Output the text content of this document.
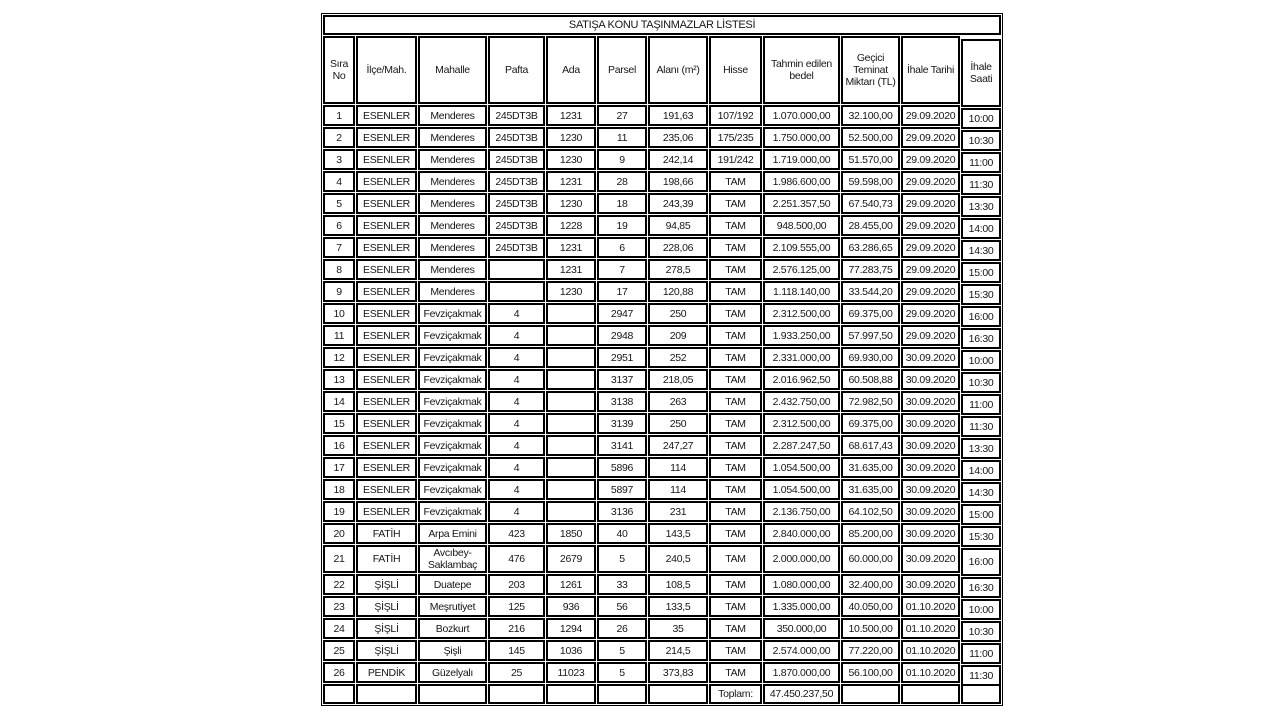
SATIŞA KONU TAŞINMAZLAR LİSTESİ											
Sıra No	İlçe/Mah.	Mahalle	Pafta	Ada	Parsel	Alanı (m²)	Hisse	Tahmin edilen bedel	Geçici Teminat Miktarı (TL)	İhale Tarihi	İhale Saati
1	ESENLER	Menderes	245DT3B	1231	27	191,63	107/192	1.070.000,00	32.100,00	29.09.2020	10:00
2	ESENLER	Menderes	245DT3B	1230	11	235,06	175/235	1.750.000,00	52.500,00	29.09.2020	10:30
3	ESENLER	Menderes	245DT3B	1230	9	242,14	191/242	1.719.000,00	51.570,00	29.09.2020	11:00
4	ESENLER	Menderes	245DT3B	1231	28	198,66	TAM	1.986.600,00	59.598,00	29.09.2020	11:30
5	ESENLER	Menderes	245DT3B	1230	18	243,39	TAM	2.251.357,50	67.540,73	29.09.2020	13:30
6	ESENLER	Menderes	245DT3B	1228	19	94,85	TAM	948.500,00	28.455,00	29.09.2020	14:00
7	ESENLER	Menderes	245DT3B	1231	6	228,06	TAM	2.109.555,00	63.286,65	29.09.2020	14:30
8	ESENLER	Menderes		1231	7	278,5	TAM	2.576.125,00	77.283,75	29.09.2020	15:00
9	ESENLER	Menderes		1230	17	120,88	TAM	1.118.140,00	33.544,20	29.09.2020	15:30
10	ESENLER	Fevziçakmak	4		2947	250	TAM	2.312.500,00	69.375,00	29.09.2020	16:00
11	ESENLER	Fevziçakmak	4		2948	209	TAM	1.933.250,00	57.997,50	29.09.2020	16:30
12	ESENLER	Fevziçakmak	4		2951	252	TAM	2.331.000,00	69.930,00	30.09.2020	10:00
13	ESENLER	Fevziçakmak	4		3137	218,05	TAM	2.016.962,50	60.508,88	30.09.2020	10:30
14	ESENLER	Fevziçakmak	4		3138	263	TAM	2.432.750,00	72.982,50	30.09.2020	11:00
15	ESENLER	Fevziçakmak	4		3139	250	TAM	2.312.500,00	69.375,00	30.09.2020	11:30
16	ESENLER	Fevziçakmak	4		3141	247,27	TAM	2.287.247,50	68.617,43	30.09.2020	13:30
17	ESENLER	Fevziçakmak	4		5896	114	TAM	1.054.500,00	31.635,00	30.09.2020	14:00
18	ESENLER	Fevziçakmak	4		5897	114	TAM	1.054.500,00	31.635,00	30.09.2020	14:30
19	ESENLER	Fevziçakmak	4		3136	231	TAM	2.136.750,00	64.102,50	30.09.2020	15:00
20	FATİH	Arpa Emini	423	1850	40	143,5	TAM	2.840.000,00	85.200,00	30.09.2020	15:30
21	FATİH	Avcıbey-Saklambaç	476	2679	5	240,5	TAM	2.000.000,00	60.000,00	30.09.2020	16:00
22	ŞİŞLİ	Duatepe	203	1261	33	108,5	TAM	1.080.000,00	32.400,00	30.09.2020	16:30
23	ŞİŞLİ	Meşrutiyet	125	936	56	133,5	TAM	1.335.000,00	40.050,00	01.10.2020	10:00
24	ŞİŞLİ	Bozkurt	216	1294	26	35	TAM	350.000,00	10.500,00	01.10.2020	10:30
25	ŞİŞLİ	Şişli	145	1036	5	214,5	TAM	2.574.000,00	77.220,00	01.10.2020	11:00
26	PENDİK	Güzelyalı	25	11023	5	373,83	TAM	1.870.000,00	56.100,00	01.10.2020	11:30
							Toplam:	47.450.237,50			
